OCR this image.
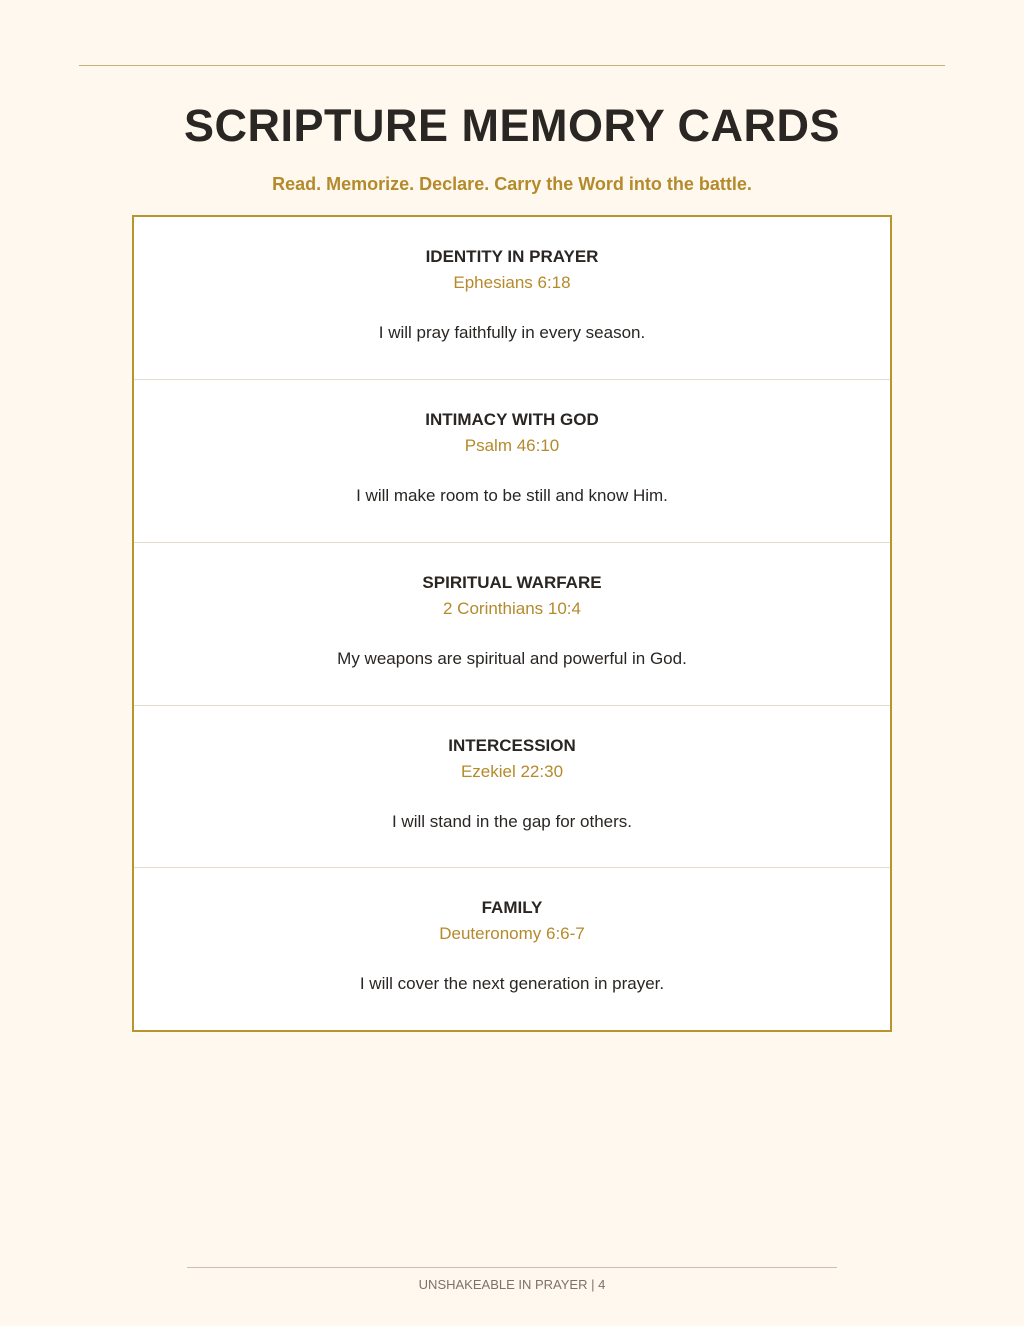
SCRIPTURE MEMORY CARDS
Read. Memorize. Declare. Carry the Word into the battle.
IDENTITY IN PRAYER
Ephesians 6:18
I will pray faithfully in every season.
INTIMACY WITH GOD
Psalm 46:10
I will make room to be still and know Him.
SPIRITUAL WARFARE
2 Corinthians 10:4
My weapons are spiritual and powerful in God.
INTERCESSION
Ezekiel 22:30
I will stand in the gap for others.
FAMILY
Deuteronomy 6:6-7
I will cover the next generation in prayer.
UNSHAKEABLE IN PRAYER | 4
